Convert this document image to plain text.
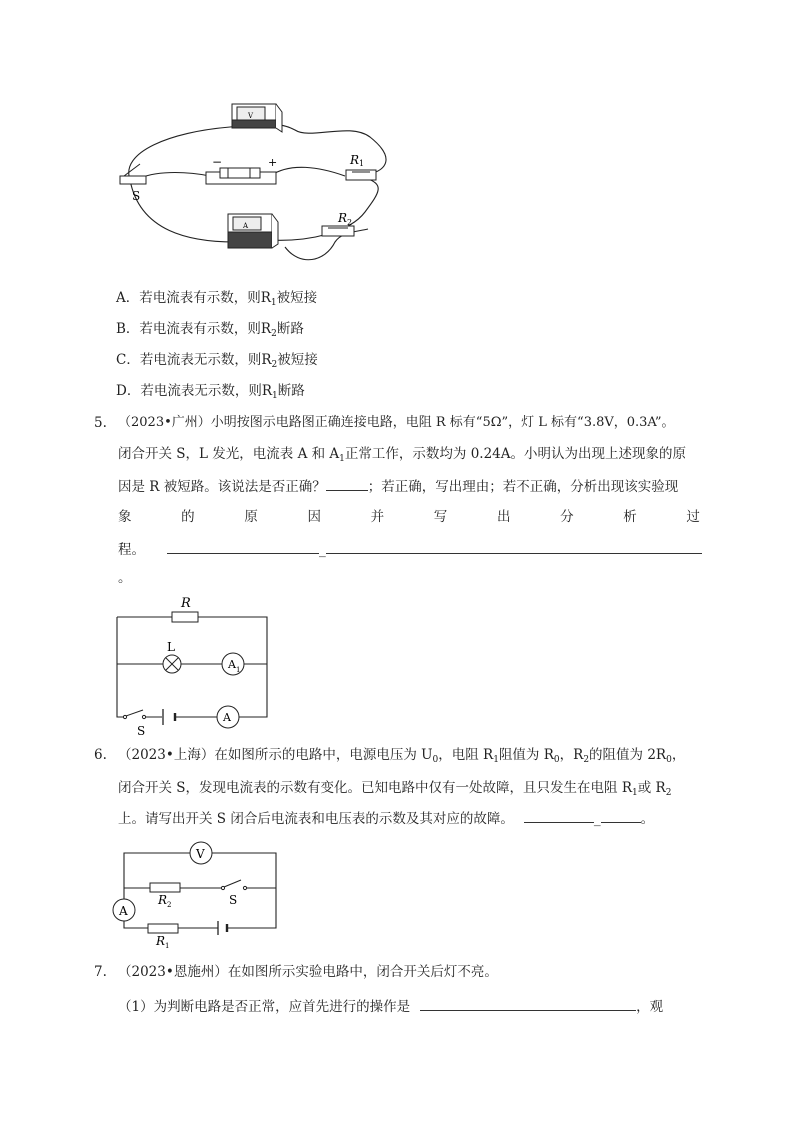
S
−	+
V
A
R 1
R 2
A．若电流表有示数，则$R_1$被短接
B．若电流表有示数，则$R_2$断路
C．若电流表无示数，则$R_2$被短接
D．若电流表无示数，则$R_1$断路
5. （2023•广州）小明按图示电路图正确连接电路，电阻 R 标有“5Ω”，灯 L 标有“3.8V，0.3A”。
闭合开关 S，L 发光，电流表 A 和 $A_1$正常工作，示数均为 0.24A。小明认为出现上述现象的原
因是 R 被短路。该说法是否正确？	；若正确，写出理由；若不正确，分析出现该实验现
象	的	原	因	并	写	出	分	析	过
程。	_
。
R
L
A 1
S
A
6. （2023•上海）在如图所示的电路中，电源电压为 $U_0$，电阻 $R_1$阻值为 $R_0$，$R_2$的阻值为 $2R_0$，
闭合开关 S，发现电流表的示数有变化。已知电路中仅有一处故障，且只发生在电阻 $R_1$或 $R_2$
上。请写出开关 S 闭合后电流表和电压表的示数及其对应的故障。	_	。
V
A
R 2	S
R 1
7. （2023•恩施州）在如图所示实验电路中，闭合开关后灯不亮。
（1）为判断电路是否正常，应首先进行的操作是	，观
